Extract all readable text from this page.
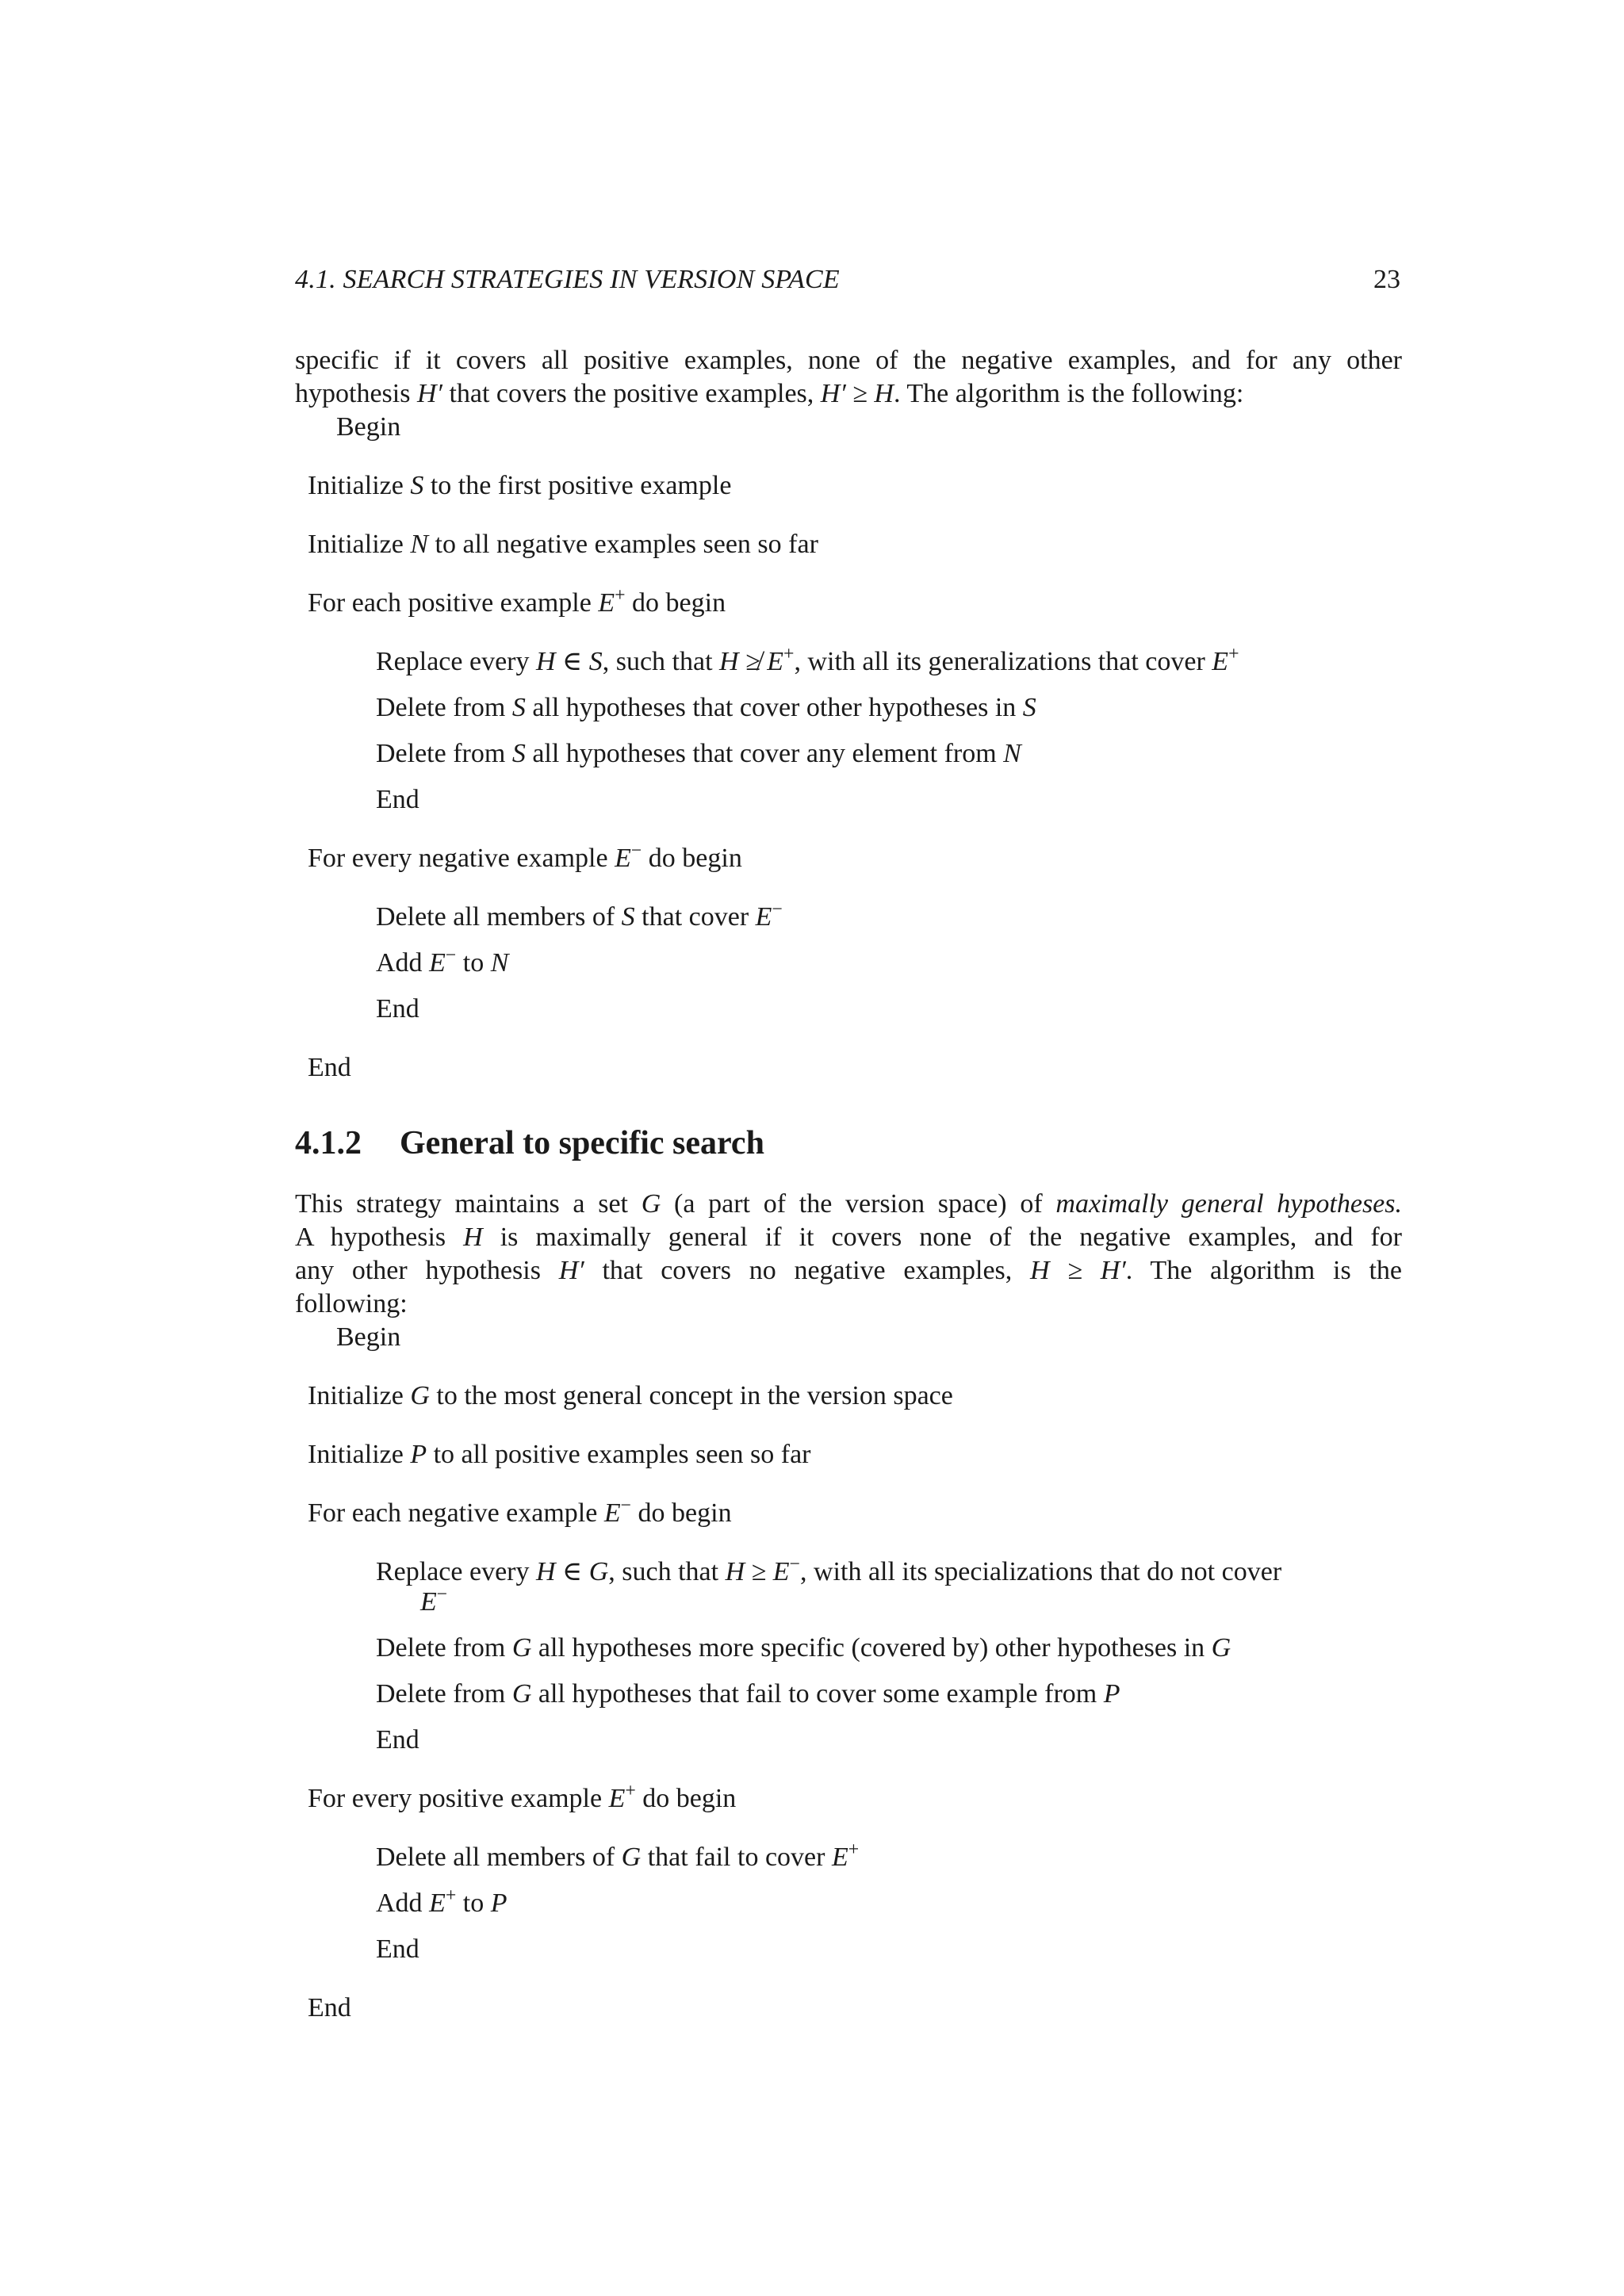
4.1. SEARCH STRATEGIES IN VERSION SPACE	23
specific if it covers all positive examples, none of the negative examples, and for any other
hypothesis H′ that covers the positive examples, H′ ≥ H. The algorithm is the following:
Begin
Initialize S to the first positive example
Initialize N to all negative examples seen so far
For each positive example E+ do begin
Replace every H ∈ S, such that H ≱ E+, with all its generalizations that cover E+
Delete from S all hypotheses that cover other hypotheses in S
Delete from S all hypotheses that cover any element from N
End
For every negative example E− do begin
Delete all members of S that cover E−
Add E− to N
End
End
4.1.2 General to specific search
This strategy maintains a set G (a part of the version space) of maximally general hypotheses.
A hypothesis H is maximally general if it covers none of the negative examples, and for
any other hypothesis H′ that covers no negative examples, H ≥ H′. The algorithm is the
following:
Begin
Initialize G to the most general concept in the version space
Initialize P to all positive examples seen so far
For each negative example E− do begin
Replace every H ∈ G, such that H ≥ E−, with all its specializations that do not cover
E−
Delete from G all hypotheses more specific (covered by) other hypotheses in G
Delete from G all hypotheses that fail to cover some example from P
End
For every positive example E+ do begin
Delete all members of G that fail to cover E+
Add E+ to P
End
End
